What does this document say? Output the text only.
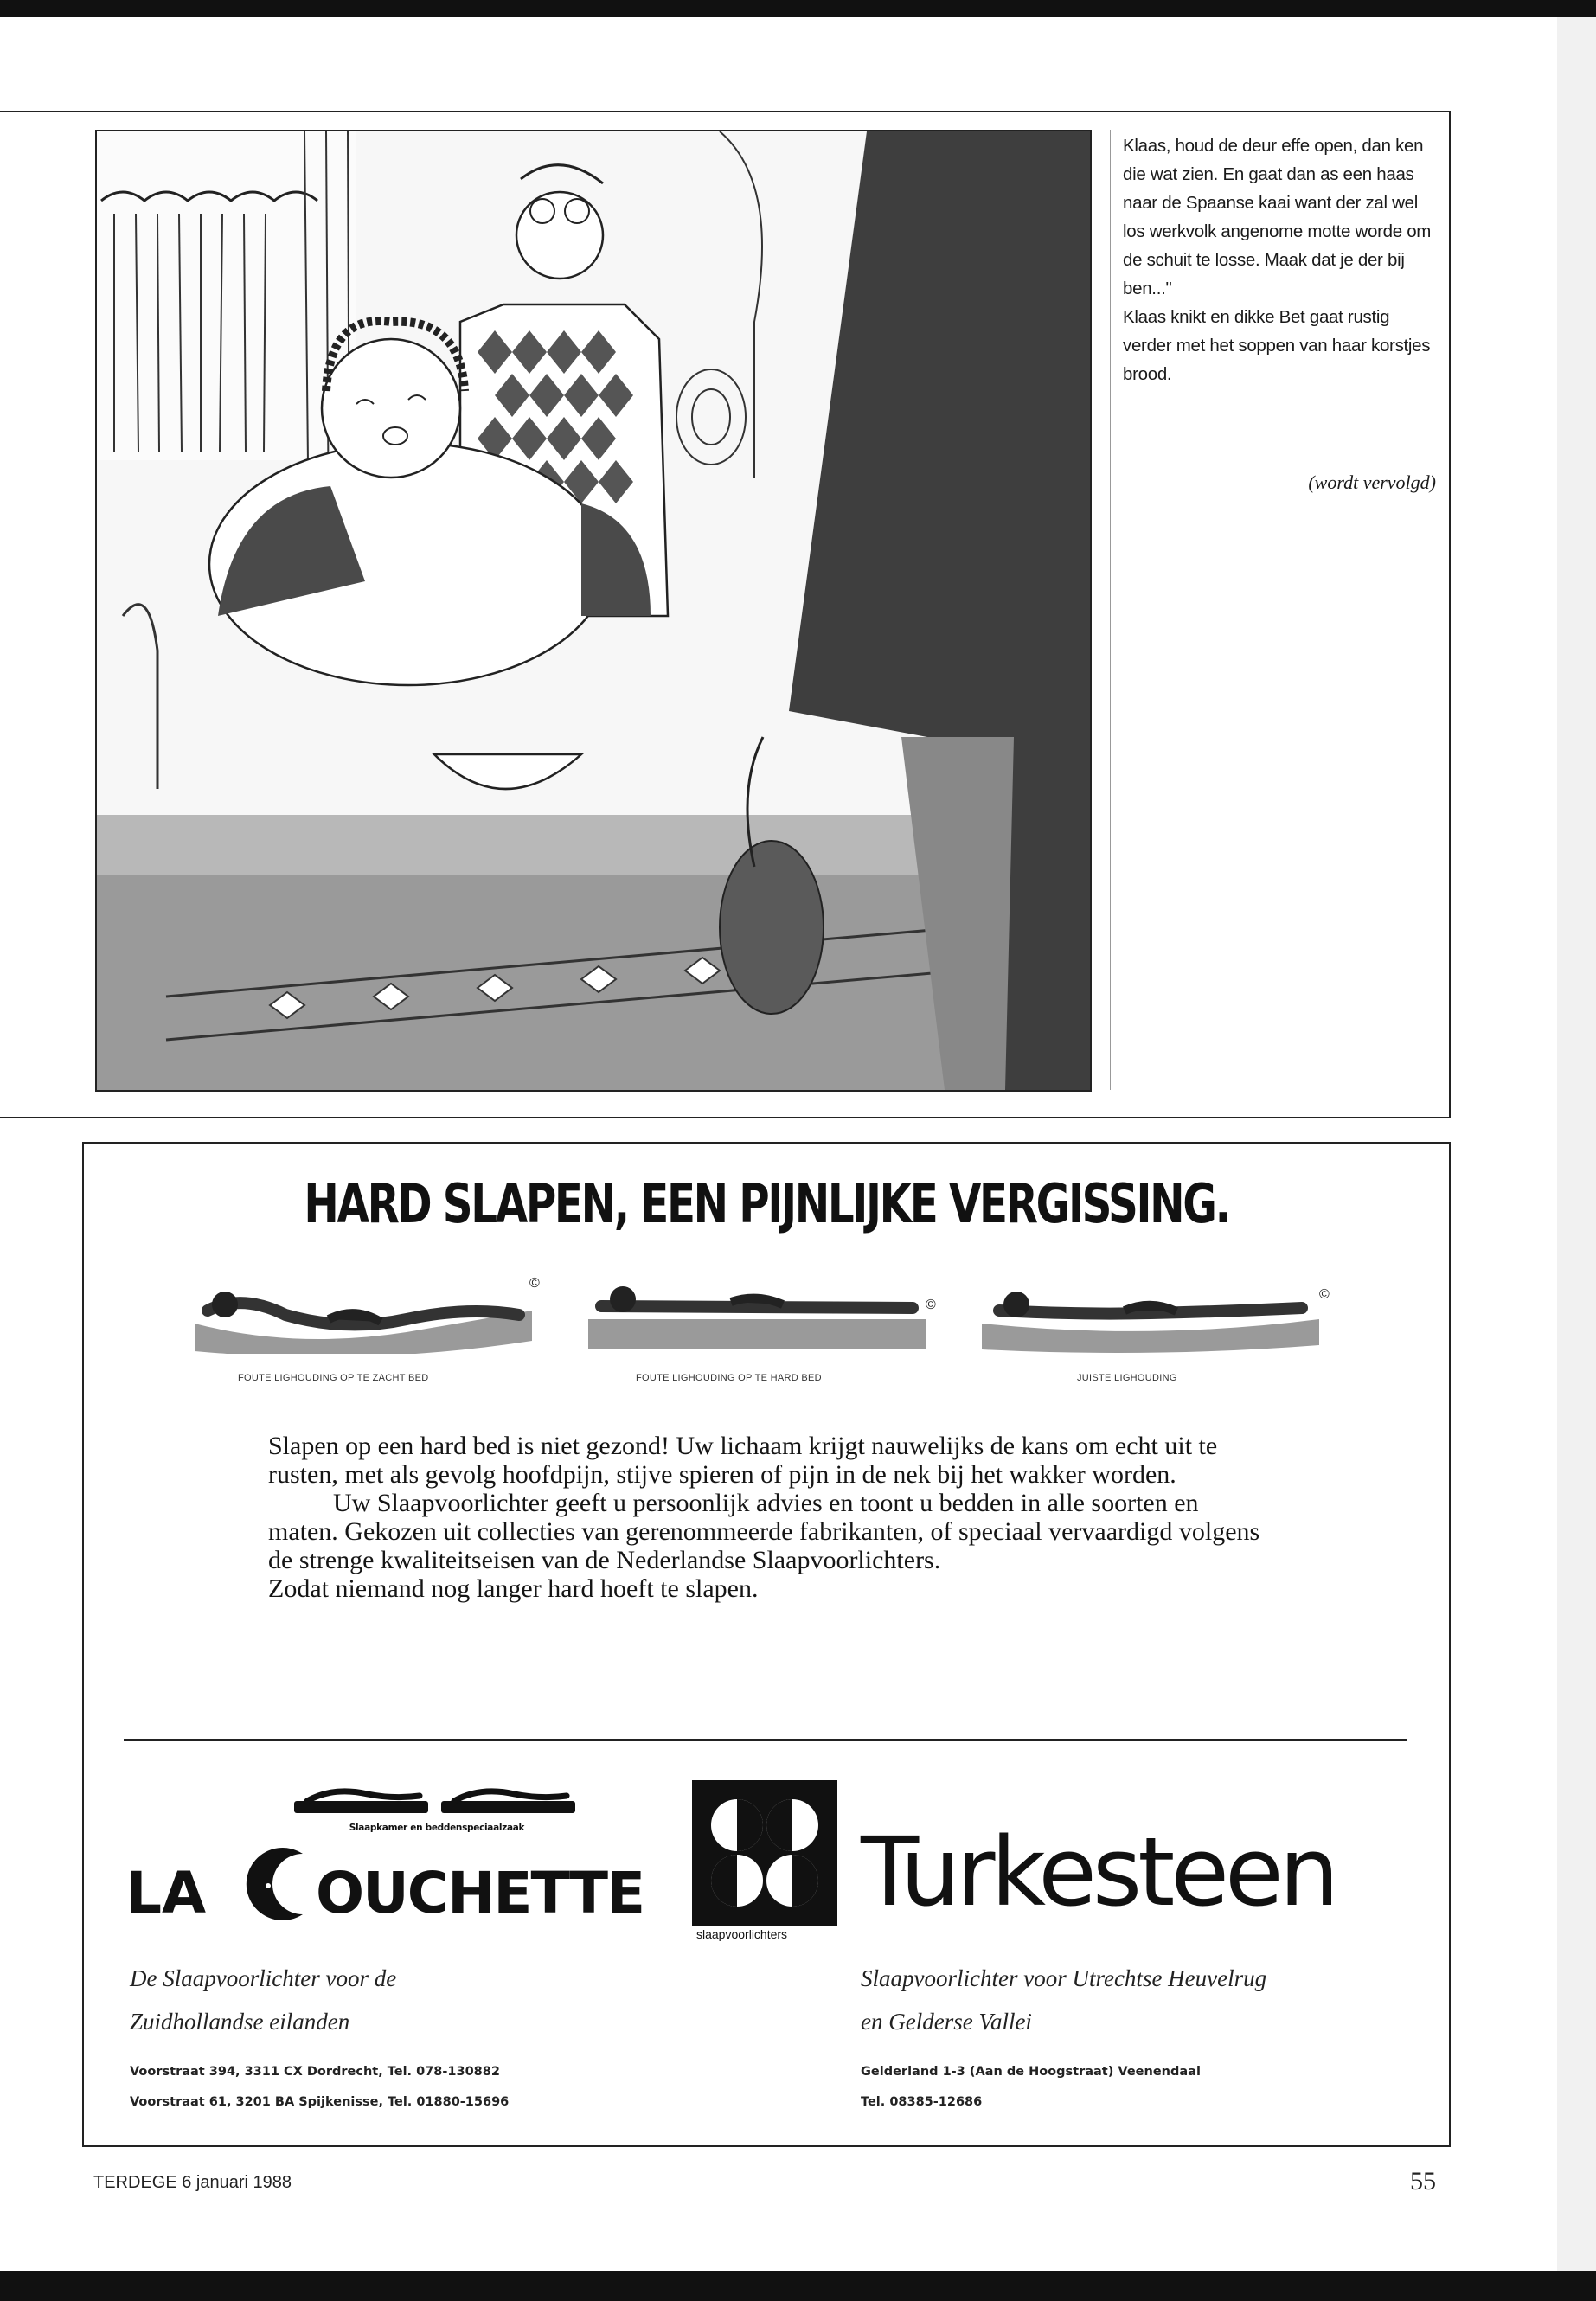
Klaas, houd de deur effe open, dan ken die wat zien. En gaat dan as een haas naar de Spaanse kaai want der zal wel los werkvolk angenome motte worde om de schuit te losse. Maak dat je der bij ben..."

Klaas knikt en dikke Bet gaat rustig verder met het soppen van haar korstjes brood.

(wordt vervolgd)
HARD SLAPEN, EEN PIJNLIJKE VERGISSING.
©
FOUTE LIGHOUDING OP TE ZACHT BED
©
FOUTE LIGHOUDING OP TE HARD BED
©
JUISTE LIGHOUDING

Slapen op een hard bed is niet gezond! Uw lichaam krijgt nauwelijks de kans om echt uit te rusten, met als gevolg hoofdpijn, stijve spieren of pijn in de nek bij het wakker worden.

Uw Slaapvoorlichter geeft u persoonlijk advies en toont u bedden in alle soorten en maten. Gekozen uit collecties van gerenommeerde fabrikanten, of speciaal vervaardigd volgens de strenge kwaliteitseisen van de Nederlandse Slaapvoorlichters.

Zodat niemand nog langer hard hoeft te slapen.

Slaapkamer en beddenspeciaalzaak
LA OUCHETTE
slaapvoorlichters
Turkesteen
De Slaapvoorlichter voor de
Zuidhollandse eilanden
Voorstraat 394, 3311 CX Dordrecht, Tel. 078-130882
Voorstraat 61, 3201 BA Spijkenisse, Tel. 01880-15696
Slaapvoorlichter voor Utrechtse Heuvelrug
en Gelderse Vallei
Gelderland 1-3 (Aan de Hoogstraat) Veenendaal
Tel. 08385-12686
TERDEGE 6 januari 1988	55
